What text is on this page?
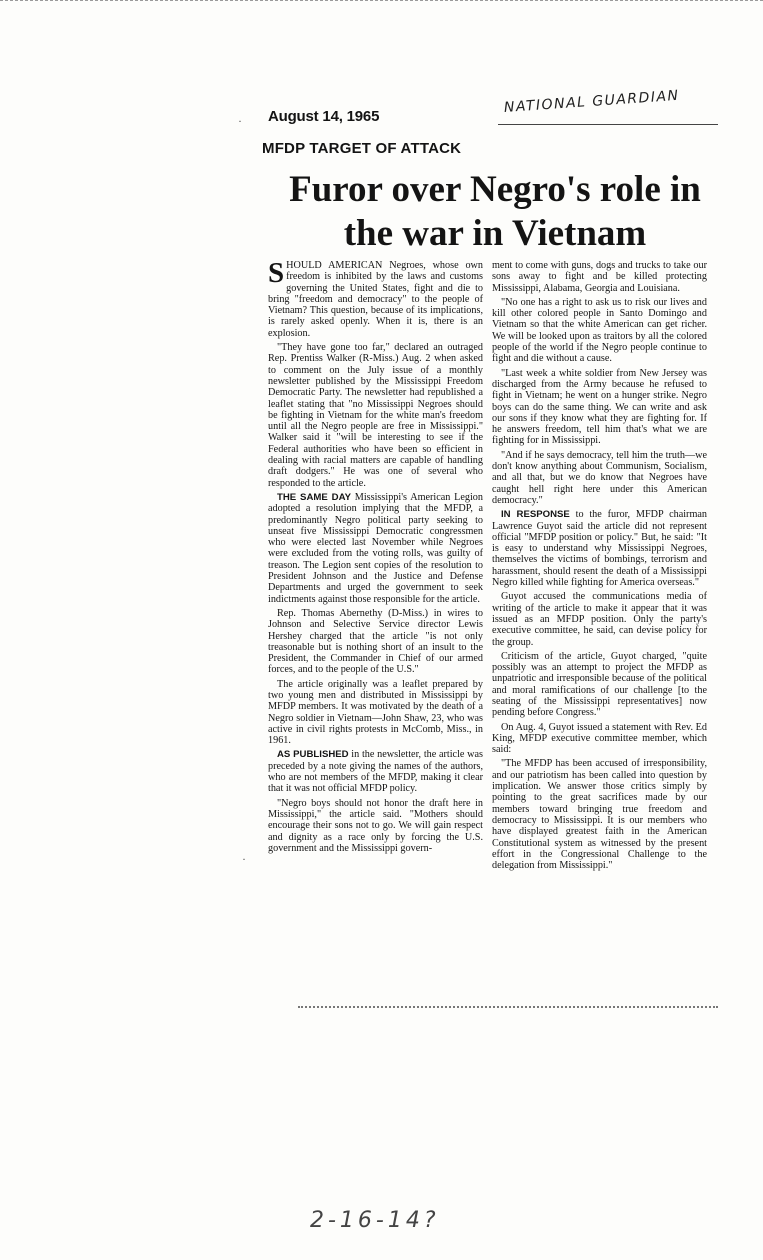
August 14, 1965
NATIONAL GUARDIAN
MFDP TARGET OF ATTACK
Furor over Negro's role in the war in Vietnam

SHOULD AMERICAN Negroes, whose own freedom is inhibited by the laws and customs governing the United States, fight and die to bring "freedom and democracy" to the people of Vietnam? This question, because of its implications, is rarely asked openly. When it is, there is an explosion.

"They have gone too far," declared an outraged Rep. Prentiss Walker (R-Miss.) Aug. 2 when asked to comment on the July issue of a monthly newsletter published by the Mississippi Freedom Democratic Party. The newsletter had republished a leaflet stating that "no Mississippi Negroes should be fighting in Vietnam for the white man's freedom until all the Negro people are free in Mississippi." Walker said it "will be interesting to see if the Federal authorities who have been so efficient in dealing with racial matters are capable of handling draft dodgers." He was one of several who responded to the article.

THE SAME DAY Mississippi's American Legion adopted a resolution implying that the MFDP, a predominantly Negro political party seeking to unseat five Mississippi Democratic congressmen who were elected last November while Negroes were excluded from the voting rolls, was guilty of treason. The Legion sent copies of the resolution to President Johnson and the Justice and Defense Departments and urged the government to seek indictments against those responsible for the article.

Rep. Thomas Abernethy (D-Miss.) in wires to Johnson and Selective Service director Lewis Hershey charged that the article "is not only treasonable but is nothing short of an insult to the President, the Commander in Chief of our armed forces, and to the people of the U.S."

The article originally was a leaflet prepared by two young men and distributed in Mississippi by MFDP members. It was motivated by the death of a Negro soldier in Vietnam—John Shaw, 23, who was active in civil rights protests in McComb, Miss., in 1961.

AS PUBLISHED in the newsletter, the article was preceded by a note giving the names of the authors, who are not members of the MFDP, making it clear that it was not official MFDP policy.

"Negro boys should not honor the draft here in Mississippi," the article said. "Mothers should encourage their sons not to go. We will gain respect and dignity as a race only by forcing the U.S. government and the Mississippi govern-

ment to come with guns, dogs and trucks to take our sons away to fight and be killed protecting Mississippi, Alabama, Georgia and Louisiana.

"No one has a right to ask us to risk our lives and kill other colored people in Santo Domingo and Vietnam so that the white American can get richer. We will be looked upon as traitors by all the colored people of the world if the Negro people continue to fight and die without a cause.

"Last week a white soldier from New Jersey was discharged from the Army because he refused to fight in Vietnam; he went on a hunger strike. Negro boys can do the same thing. We can write and ask our sons if they know what they are fighting for. If he answers freedom, tell him that's what we are fighting for in Mississippi.

"And if he says democracy, tell him the truth—we don't know anything about Communism, Socialism, and all that, but we do know that Negroes have caught hell right here under this American democracy."

IN RESPONSE to the furor, MFDP chairman Lawrence Guyot said the article did not represent official "MFDP position or policy." But, he said: "It is easy to understand why Mississippi Negroes, themselves the victims of bombings, terrorism and harassment, should resent the death of a Mississippi Negro killed while fighting for America overseas."

Guyot accused the communications media of writing of the article to make it appear that it was issued as an MFDP position. Only the party's executive committee, he said, can devise policy for the group.

Criticism of the article, Guyot charged, "quite possibly was an attempt to project the MFDP as unpatriotic and irresponsible because of the political and moral ramifications of our challenge [to the seating of the Mississippi representatives] now pending before Congress."

On Aug. 4, Guyot issued a statement with Rev. Ed King, MFDP executive committee member, which said:

"The MFDP has been accused of irresponsibility, and our patriotism has been called into question by implication. We answer those critics simply by pointing to the great sacrifices made by our members toward bringing true freedom and democracy to Mississippi. It is our members who have displayed greatest faith in the American Constitutional system as witnessed by the present effort in the Congressional Challenge to the delegation from Mississippi."

·
·
2-16-14?
